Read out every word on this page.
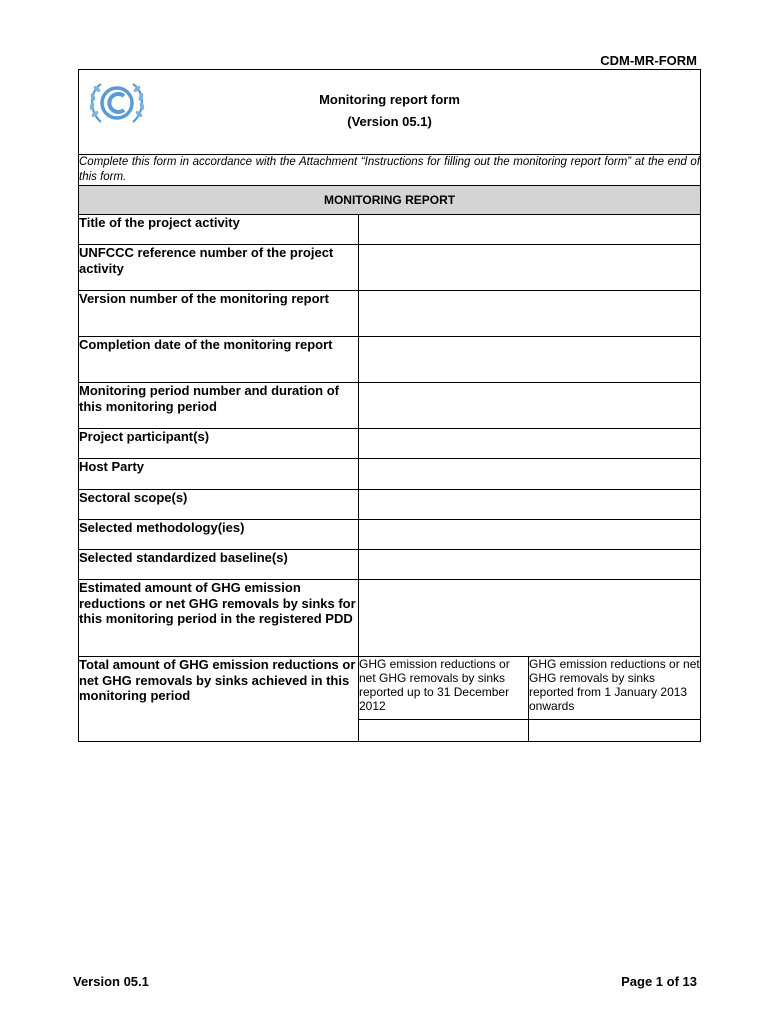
CDM-MR-FORM
Monitoring report form
(Version 05.1)		

Complete this form in accordance with the Attachment “Instructions for filling out the monitoring report form” at the end of this form.		
MONITORING REPORT		
Title of the project activity		
UNFCCC reference number of the project activity		
Version number of the monitoring report		
Completion date of the monitoring report		
Monitoring period number and duration of this monitoring period		
Project participant(s)		
Host Party		
Sectoral scope(s)		
Selected methodology(ies)		
Selected standardized baseline(s)		
Estimated amount of GHG emission reductions or net GHG removals by sinks for this monitoring period in the registered PDD		
Total amount of GHG emission reductions or net GHG removals by sinks achieved in this monitoring period	GHG emission reductions or net GHG removals by sinks reported up to 31 December 2012	GHG emission reductions or net GHG removals by sinks reported from 1 January 2013 onwards

Version 05.1	Page 1 of 13
